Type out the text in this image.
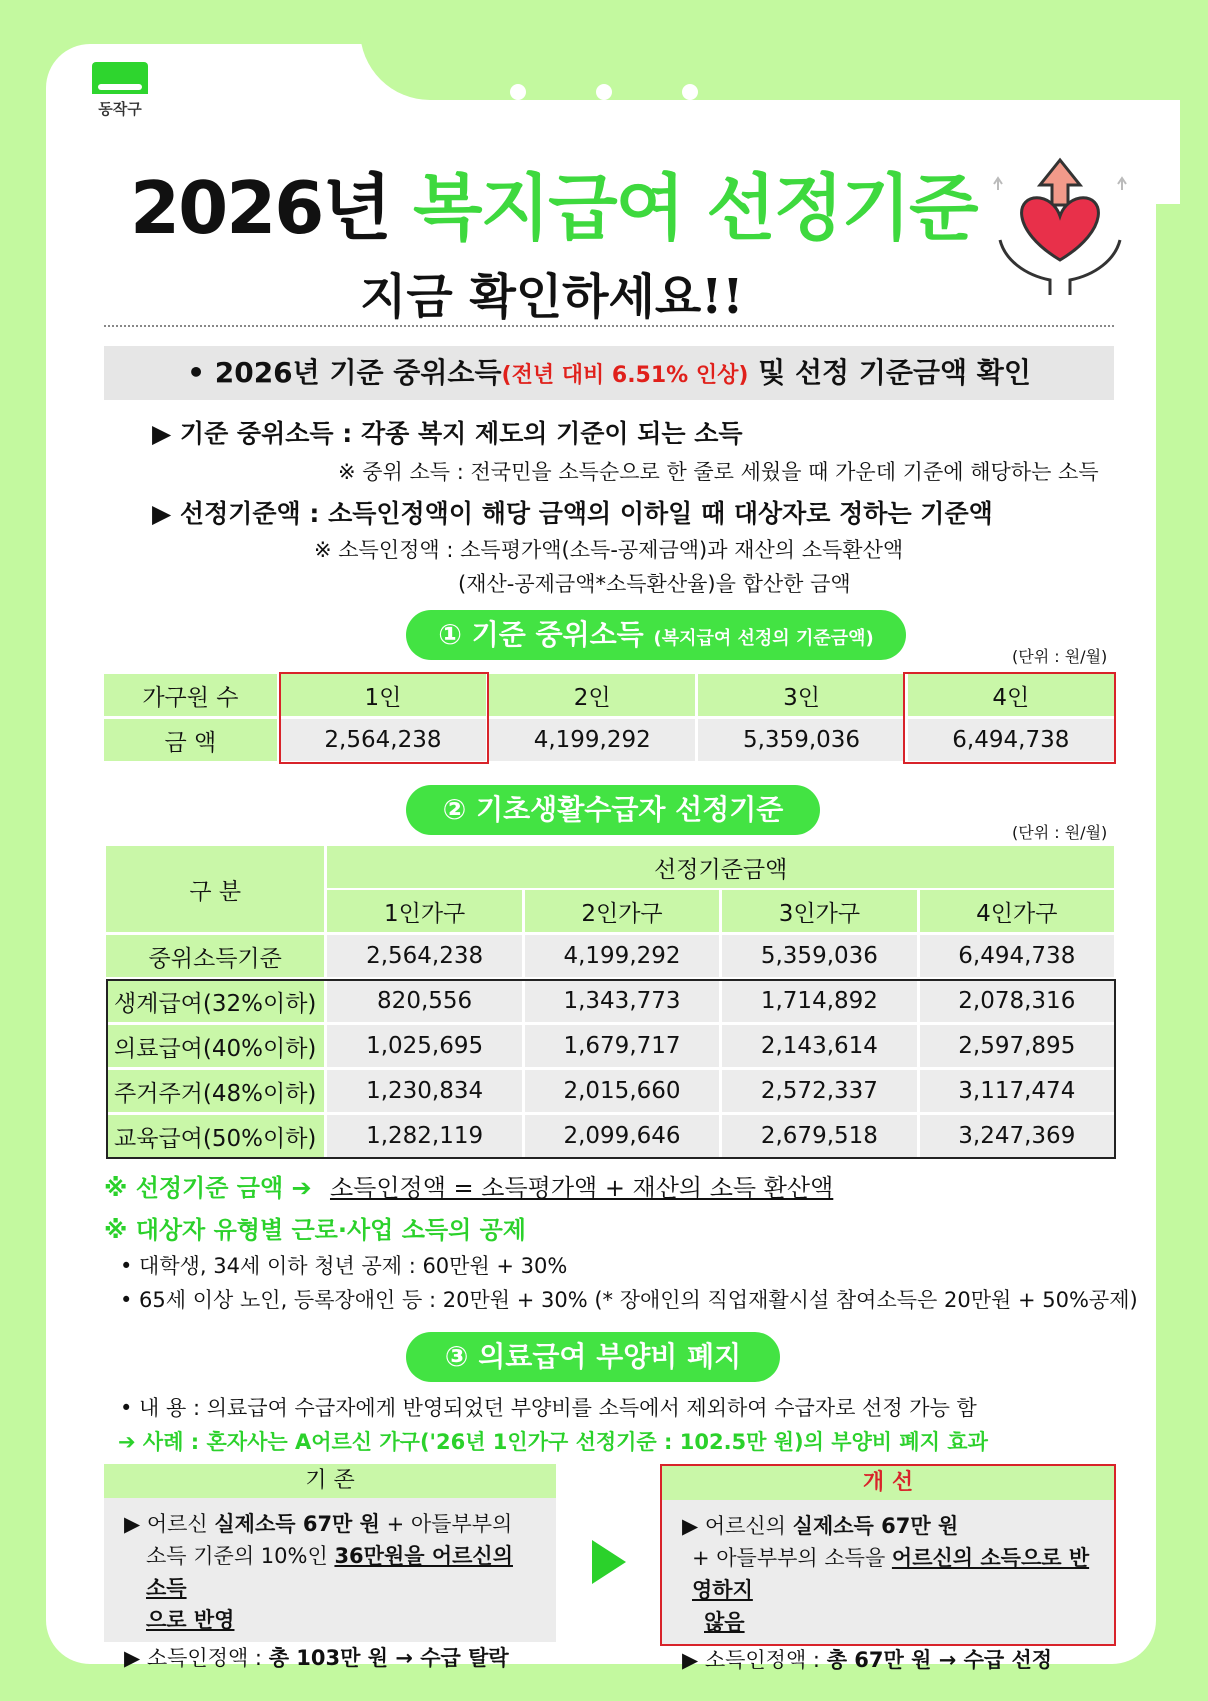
동작구
2026년 복지급여 선정기준
지금 확인하세요!!
• 2026년 기준 중위소득(전년 대비 6.51% 인상) 및 선정 기준금액 확인
▶ 기준 중위소득 : 각종 복지 제도의 기준이 되는 소득
※ 중위 소득 : 전국민을 소득순으로 한 줄로 세웠을 때 가운데 기준에 해당하는 소득
▶ 선정기준액 : 소득인정액이 해당 금액의 이하일 때 대상자로 정하는 기준액
※ 소득인정액 : 소득평가액(소득-공제금액)과 재산의 소득환산액
(재산-공제금액*소득환산율)을 합산한 금액
① 기준 중위소득 (복지급여 선정의 기준금액)
(단위 : 원/월)
가구원 수	1인	2인	3인	4인
금 액	2,564,238	4,199,292	5,359,036	6,494,738
② 기초생활수급자 선정기준
(단위 : 원/월)
구 분	선정기준금액			
	1인가구	2인가구	3인가구	4인가구
중위소득기준	2,564,238	4,199,292	5,359,036	6,494,738
생계급여(32%이하)	820,556	1,343,773	1,714,892	2,078,316
의료급여(40%이하)	1,025,695	1,679,717	2,143,614	2,597,895
주거주거(48%이하)	1,230,834	2,015,660	2,572,337	3,117,474
교육급여(50%이하)	1,282,119	2,099,646	2,679,518	3,247,369
※ 선정기준 금액 ➔ 소득인정액 = 소득평가액 + 재산의 소득 환산액
※ 대상자 유형별 근로·사업 소득의 공제
• 대학생, 34세 이하 청년 공제 : 60만원 + 30%
• 65세 이상 노인, 등록장애인 등 : 20만원 + 30% (* 장애인의 직업재활시설 참여소득은 20만원 + 50%공제)
③ 의료급여 부양비 폐지
• 내 용 : 의료급여 수급자에게 반영되었던 부양비를 소득에서 제외하여 수급자로 선정 가능 함
➔ 사례 : 혼자사는 A어르신 가구('26년 1인가구 선정기준 : 102.5만 원)의 부양비 폐지 효과
기 존
▶ 어르신 실제소득 67만 원 + 아들부부의
소득 기준의 10%인 36만원을 어르신의 소득
으로 반영
▶ 소득인정액 : 총 103만 원 → 수급 탈락
개 선
▶ 어르신의 실제소득 67만 원
+ 아들부부의 소득을 어르신의 소득으로 반영하지
않음
▶ 소득인정액 : 총 67만 원 → 수급 선정
